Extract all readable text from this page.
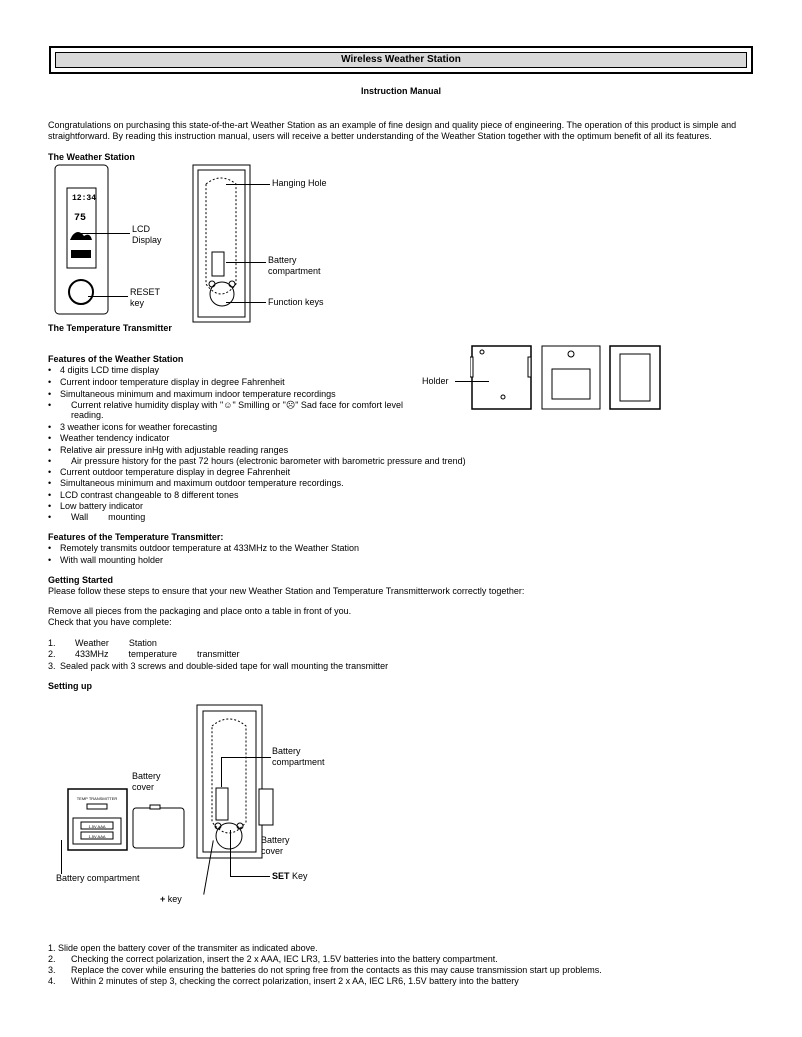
Wireless Weather Station
Instruction Manual
Congratulations on purchasing this state-of-the-art Weather Station as an example of fine design and quality piece of engineering. The operation of this product is simple and
straightforward. By reading this instruction manual, users will receive a better understanding of the Weather Station together with the optimum benefit of all its features.
The Weather Station
12:34
75
LCD
Display
RESET
key
Hanging Hole
Battery
compartment
Function keys
The Temperature Transmitter
Holder
Features of the Weather Station
• 4 digits LCD time display
• Current indoor temperature display in degree Fahrenheit
• Simultaneous minimum and maximum indoor temperature recordings
• Current relative humidity display with "☺" Smilling or "☹" Sad face for comfort level
reading.
• 3 weather icons for weather forecasting
• Weather tendency indicator
• Relative air pressure inHg with adjustable reading ranges
• Air pressure history for the past 72 hours (electronic barometer with barometric pressure and trend)
• Current outdoor temperature display in degree Fahrenheit
• Simultaneous minimum and maximum outdoor temperature recordings.
• LCD contrast changeable to 8 different tones
• Low battery indicator
• Wall        mounting
Features of the Temperature Transmitter:
• Remotely transmits outdoor temperature at 433MHz to the Weather Station
• With wall mounting holder
Getting Started
Please follow these steps to ensure that your new Weather Station and Temperature Transmitterwork correctly together:
Remove all pieces from the packaging and place onto a table in front of you.
Check that you have complete:
1. Weather        Station
2. 433MHz        temperature        transmitter
3. Sealed pack with 3 screws and double-sided tape for wall mounting the transmitter
Setting up
TEMP TRANSMITTER
1.5V AAA
1.5V AAA
Battery
cover
Battery
compartment
Battery
cover
Battery compartment	SET Key
+ key
1. Slide open the battery cover of the transmiter as indicated above.
2. Checking the correct polarization, insert the 2 x AAA, IEC LR3, 1.5V batteries into the battery compartment.
3. Replace the cover while ensuring the batteries do not spring free from the contacts as this may cause transmission start up problems.
4. Within 2 minutes of step 3, checking the correct polarization, insert 2 x AA, IEC LR6, 1.5V battery into the battery
